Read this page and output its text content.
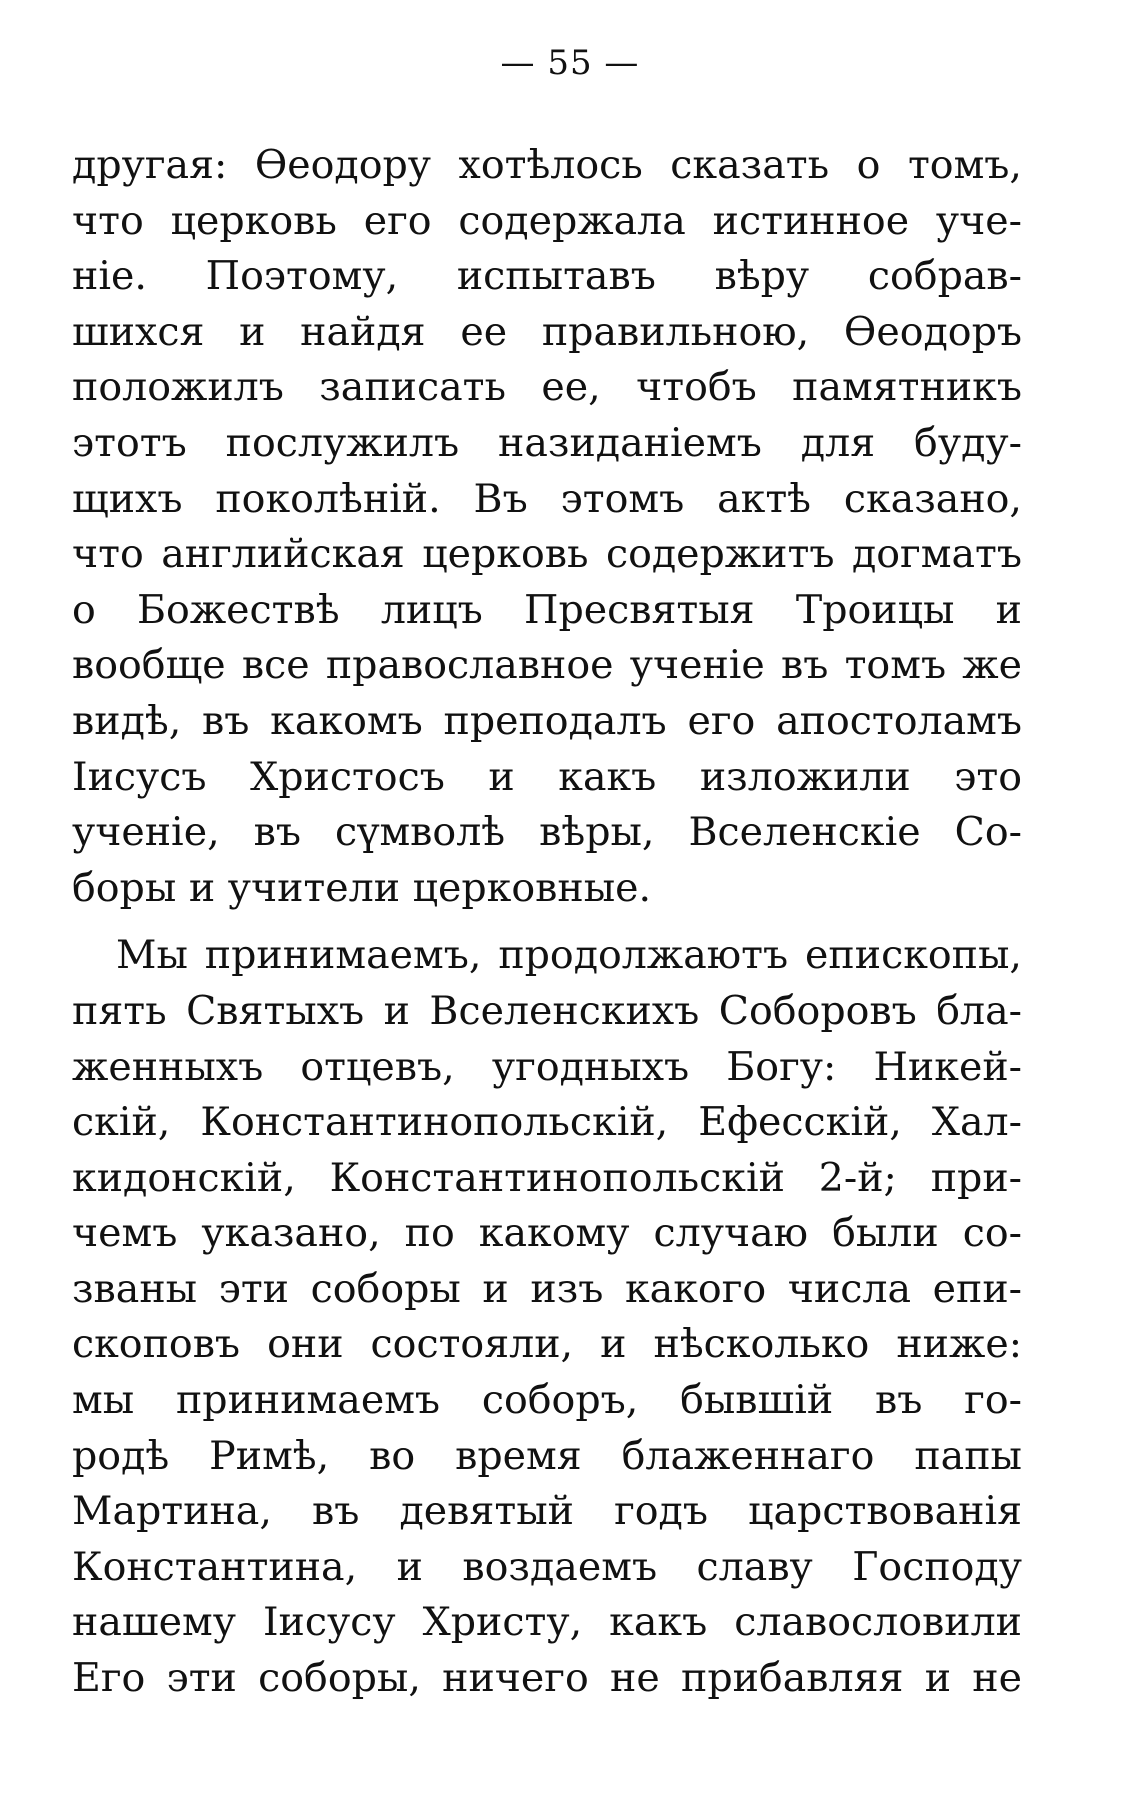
— 55 —
другая: Ѳеодору хотѣлось сказать о томъ,
что церковь его содержала истинное уче-
ніе. Поэтому, испытавъ вѣру собрав-
шихся и найдя ее правильною, Ѳеодоръ
положилъ записать ее, чтобъ памятникъ
этотъ послужилъ назиданіемъ для буду-
щихъ поколѣній. Въ этомъ актѣ сказано,
что английская церковь содержитъ догматъ
о Божествѣ лицъ Пресвятыя Троицы и
вообще все православное ученіе въ томъ же
видѣ, въ какомъ преподалъ его апостоламъ
Іисусъ Христосъ и какъ изложили это
ученіе, въ сүмволѣ вѣры, Вселенскіе Со-
боры и учители церковные.
Мы принимаемъ, продолжаютъ епископы,
пять Святыхъ и Вселенскихъ Соборовъ бла-
женныхъ отцевъ, угодныхъ Богу: Никей-
скій, Константинопольскій, Ефесскій, Хал-
кидонскій, Константинопольскій 2-й; при-
чемъ указано, по какому случаю были со-
званы эти соборы и изъ какого числа епи-
скоповъ они состояли, и нѣсколько ниже:
мы принимаемъ соборъ, бывшій въ го-
родѣ Римѣ, во время блаженнаго папы
Мартина, въ девятый годъ царствованія
Константина, и воздаемъ славу Господу
нашему Іисусу Христу, какъ славословили
Его эти соборы, ничего не прибавляя и не
